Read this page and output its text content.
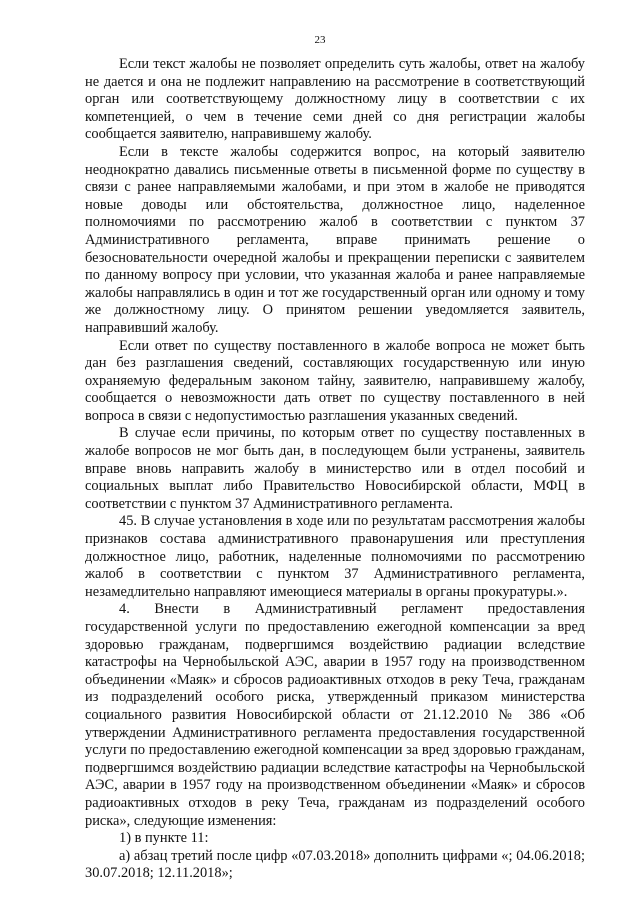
23

Если текст жалобы не позволяет определить суть жалобы, ответ на жалобу не дается и она не подлежит направлению на рассмотрение в соответствующий орган или соответствующему должностному лицу в соответствии с их компетенцией, о чем в течение семи дней со дня регистрации жалобы сообщается заявителю, направившему жалобу.

Если в тексте жалобы содержится вопрос, на который заявителю неоднократно давались письменные ответы в письменной форме по существу в связи с ранее направляемыми жалобами, и при этом в жалобе не приводятся новые доводы или обстоятельства, должностное лицо, наделенное полномочиями по рассмотрению жалоб в соответствии с пунктом 37 Административного регламента, вправе принимать решение о безосновательности очередной жалобы и прекращении переписки с заявителем по данному вопросу при условии, что указанная жалоба и ранее направляемые жалобы направлялись в один и тот же государственный орган или одному и тому же должностному лицу. О принятом решении уведомляется заявитель, направивший жалобу.

Если ответ по существу поставленного в жалобе вопроса не может быть дан без разглашения сведений, составляющих государственную или иную охраняемую федеральным законом тайну, заявителю, направившему жалобу, сообщается о невозможности дать ответ по существу поставленного в ней вопроса в связи с недопустимостью разглашения указанных сведений.

В случае если причины, по которым ответ по существу поставленных в жалобе вопросов не мог быть дан, в последующем были устранены, заявитель вправе вновь направить жалобу в министерство или в отдел пособий и социальных выплат либо Правительство Новосибирской области, МФЦ в соответствии с пунктом 37 Административного регламента.

45. В случае установления в ходе или по результатам рассмотрения жалобы признаков состава административного правонарушения или преступления должностное лицо, работник, наделенные полномочиями по рассмотрению жалоб в соответствии с пунктом 37 Административного регламента, незамедлительно направляют имеющиеся материалы в органы прокуратуры.».

4. Внести в Административный регламент предоставления государственной услуги по предоставлению ежегодной компенсации за вред здоровью гражданам, подвергшимся воздействию радиации вследствие катастрофы на Чернобыльской АЭС, аварии в 1957 году на производственном объединении «Маяк» и сбросов радиоактивных отходов в реку Теча, гражданам из подразделений особого риска, утвержденный приказом министерства социального развития Новосибирской области от 21.12.2010 № 386 «Об утверждении Административного регламента предоставления государственной услуги по предоставлению ежегодной компенсации за вред здоровью гражданам, подвергшимся воздействию радиации вследствие катастрофы на Чернобыльской АЭС, аварии в 1957 году на производственном объединении «Маяк» и сбросов радиоактивных отходов в реку Теча, гражданам из подразделений особого риска», следующие изменения:

1) в пункте 11:

а) абзац третий после цифр «07.03.2018» дополнить цифрами «; 04.06.2018; 30.07.2018; 12.11.2018»;
